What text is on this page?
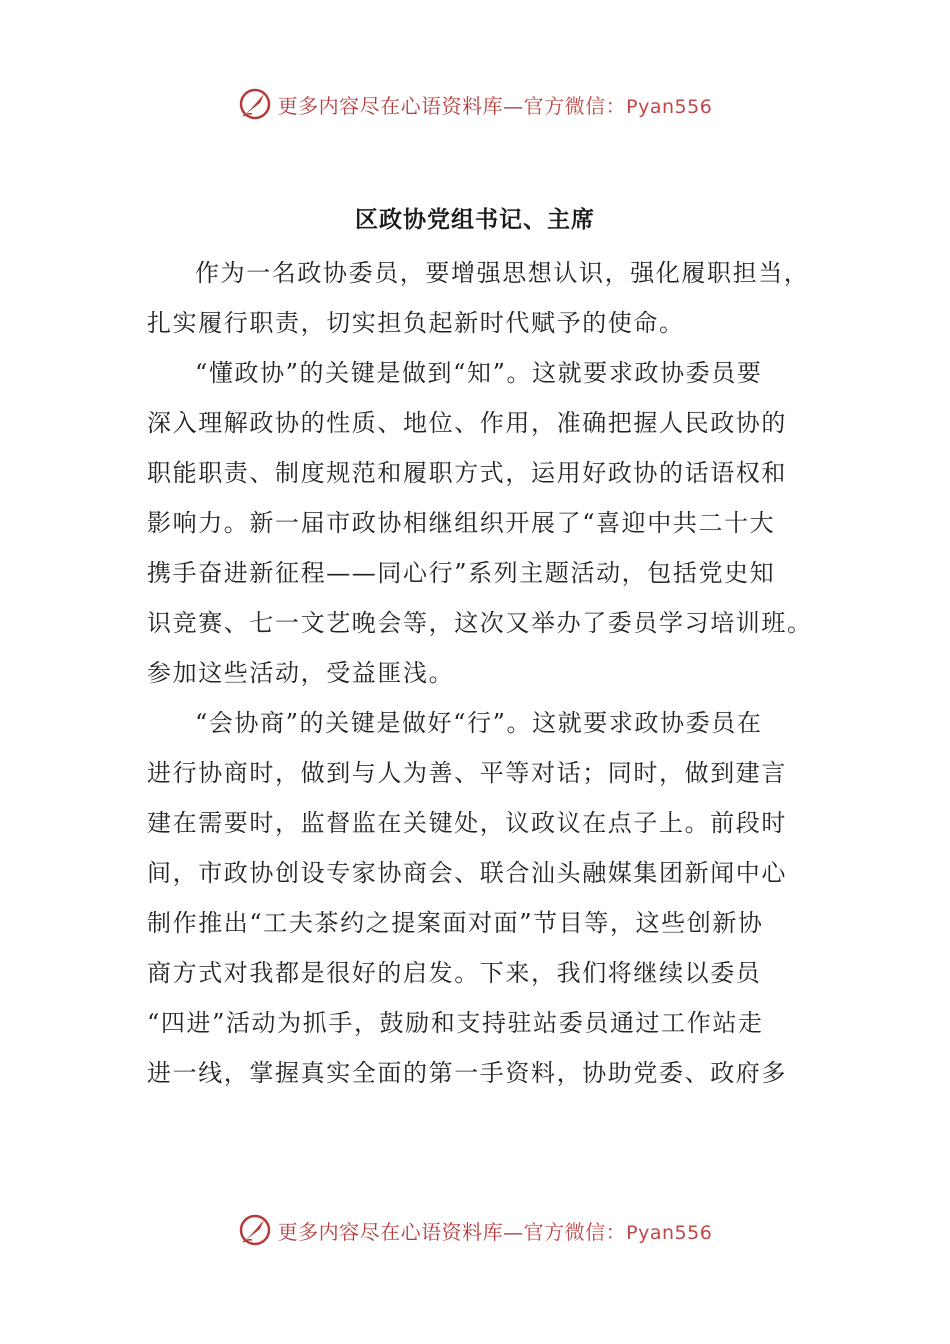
更多内容尽在心语资料库—官方微信：Pyan556
区政协党组书记、主席
作为一名政协委员，要增强思想认识，强化履职担当，
扎实履行职责，切实担负起新时代赋予的使命。
“懂政协”的关键是做到“知”。这就要求政协委员要
深入理解政协的性质、地位、作用，准确把握人民政协的
职能职责、制度规范和履职方式，运用好政协的话语权和
影响力。新一届市政协相继组织开展了“喜迎中共二十大
携手奋进新征程——同心行”系列主题活动，包括党史知
识竞赛、七一文艺晚会等，这次又举办了委员学习培训班。
参加这些活动，受益匪浅。
“会协商”的关键是做好“行”。这就要求政协委员在
进行协商时，做到与人为善、平等对话；同时，做到建言
建在需要时，监督监在关键处，议政议在点子上。前段时
间，市政协创设专家协商会、联合汕头融媒集团新闻中心
制作推出“工夫茶约之提案面对面”节目等，这些创新协
商方式对我都是很好的启发。下来，我们将继续以委员
“四进”活动为抓手，鼓励和支持驻站委员通过工作站走
进一线，掌握真实全面的第一手资料，协助党委、政府多
更多内容尽在心语资料库—官方微信：Pyan556
